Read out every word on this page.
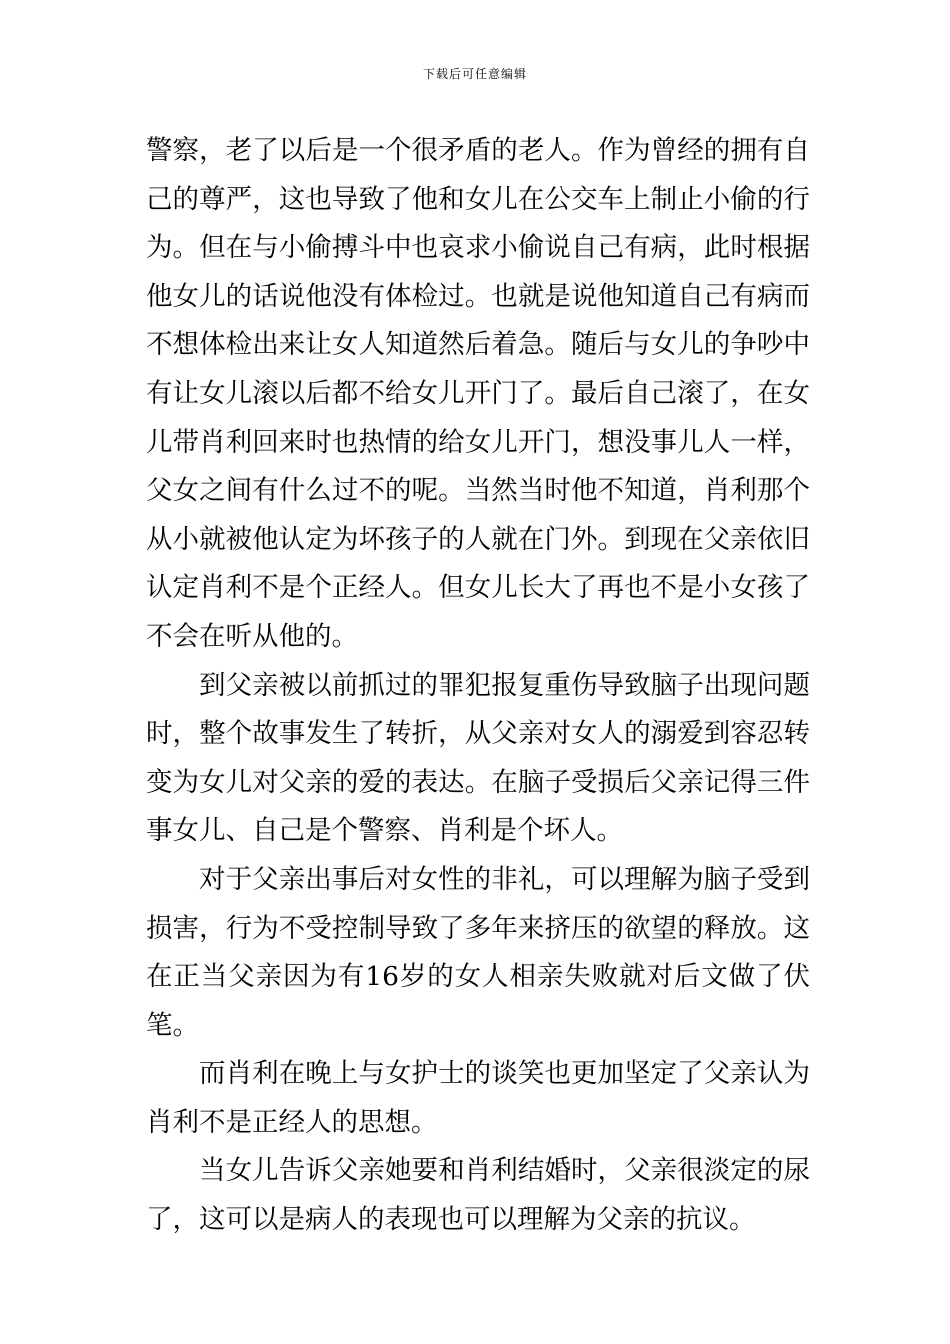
下载后可任意编辑

警察，老了以后是一个很矛盾的老人。作为曾经的拥有自己的尊严，这也导致了他和女儿在公交车上制止小偷的行为。但在与小偷搏斗中也哀求小偷说自己有病，此时根据他女儿的话说他没有体检过。也就是说他知道自己有病而不想体检出来让女人知道然后着急。随后与女儿的争吵中有让女儿滚以后都不给女儿开门了。最后自己滚了，在女儿带肖利回来时也热情的给女儿开门，想没事儿人一样，父女之间有什么过不的呢。当然当时他不知道，肖利那个从小就被他认定为坏孩子的人就在门外。到现在父亲依旧认定肖利不是个正经人。但女儿长大了再也不是小女孩了不会在听从他的。

到父亲被以前抓过的罪犯报复重伤导致脑子出现问题时，整个故事发生了转折，从父亲对女人的溺爱到容忍转变为女儿对父亲的爱的表达。在脑子受损后父亲记得三件事女儿、自己是个警察、肖利是个坏人。

对于父亲出事后对女性的非礼，可以理解为脑子受到损害，行为不受控制导致了多年来挤压的欲望的释放。这在正当父亲因为有16岁的女人相亲失败就对后文做了伏笔。

而肖利在晚上与女护士的谈笑也更加坚定了父亲认为肖利不是正经人的思想。

当女儿告诉父亲她要和肖利结婚时，父亲很淡定的尿了，这可以是病人的表现也可以理解为父亲的抗议。
